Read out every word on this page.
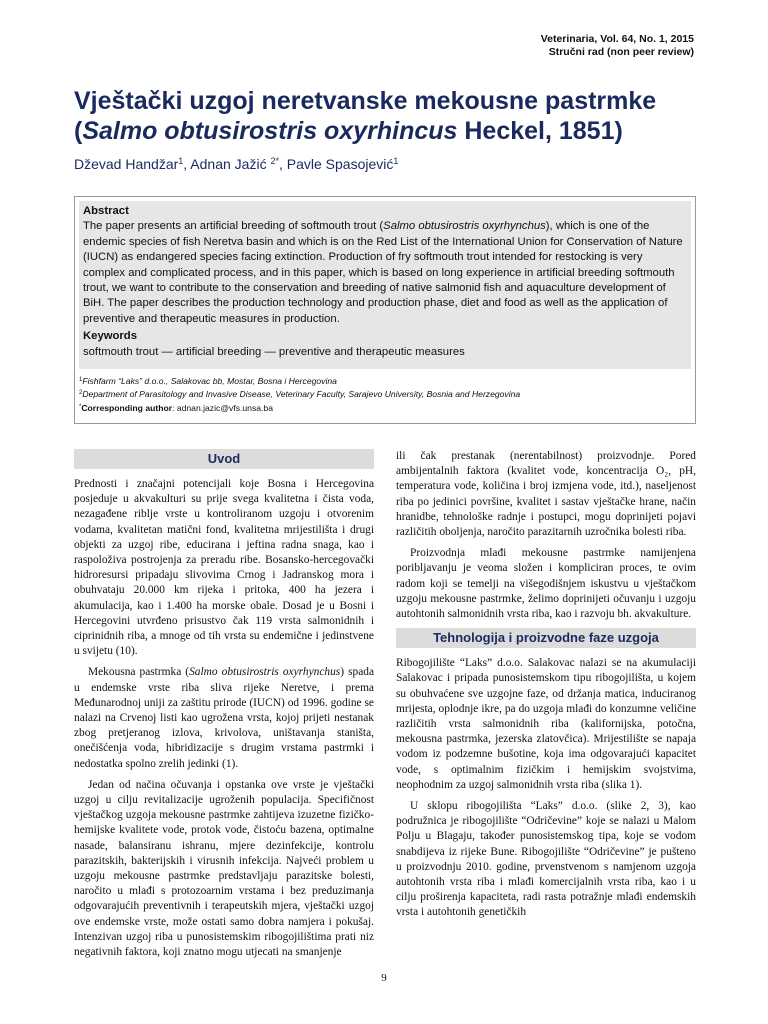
Veterinaria, Vol. 64, No. 1, 2015
Stručni rad (non peer review)
Vještački uzgoj neretvanske mekousne pastrmke
(Salmo obtusirostris oxyrhincus Heckel, 1851)
Dževad Handžar$^1$, Adnan Jažić $^{2*}$, Pavle Spasojević$^1$
Abstract
The paper presents an artificial breeding of softmouth trout (Salmo obtusirostris oxyrhynchus), which is one of the endemic species of fish Neretva basin and which is on the Red List of the International Union for Conservation of Nature (IUCN) as endangered species facing extinction. Production of fry softmouth trout intended for restocking is very complex and complicated process, and in this paper, which is based on long experience in artificial breeding softmouth trout, we want to contribute to the conservation and breeding of native salmonid fish and aquaculture development of BiH. The paper describes the production technology and production phase, diet and food as well as the application of preventive and therapeutic measures in production.
Keywords
softmouth trout — artificial breeding — preventive and therapeutic measures
$^1$Fishfarm “Laks” d.o.o., Salakovac bb, Mostar, Bosna i Hercegovina
$^2$Department of Parasitology and Invasive Disease, Veterinary Faculty, Sarajevo University, Bosnia and Herzegovina
*Corresponding author: adnan.jazic@vfs.unsa.ba
Uvod

Prednosti i značajni potencijali koje Bosna i Hercegovina posjeduje u akvakulturi su prije svega kvalitetna i čista voda, nezagađene riblje vrste u kontroliranom uzgoju i otvorenim vodama, kvalitetan matični fond, kvalitetna mrijestilišta i drugi objekti za uzgoj ribe, educirana i jeftina radna snaga, kao i raspoloživa postrojenja za preradu ribe. Bosansko-hercegovački hidroresursi pripadaju slivovima Crnog i Jadranskog mora i obuhvataju 20.000 km rijeka i pritoka, 400 ha jezera i akumulacija, kao i 1.400 ha morske obale. Dosad je u Bosni i Hercegovini utvrđeno prisustvo čak 119 vrsta salmonidnih i ciprinidnih riba, a mnoge od tih vrsta su endemične i jedinstvene u svijetu (10).

Mekousna pastrmka (Salmo obtusirostris oxyrhynchus) spada u endemske vrste riba sliva rijeke Neretve, i prema Međunarodnoj uniji za zaštitu prirode (IUCN) od 1996. godine se nalazi na Crvenoj listi kao ugrožena vrsta, kojoj prijeti nestanak zbog pretjeranog izlova, krivolova, uništavanja staništa, onečišćenja voda, hibridizacije s drugim vrstama pastrmki i nedostatka spolno zrelih jedinki (1).

Jedan od načina očuvanja i opstanka ove vrste je vještački uzgoj u cilju revitalizacije ugroženih populacija. Specifičnost vještačkog uzgoja mekousne pastrmke zahtijeva izuzetne fizičko-hemijske kvalitete vode, protok vode, čistoću bazena, optimalne nasade, balansiranu ishranu, mjere dezinfekcije, kontrolu parazitskih, bakterijskih i virusnih infekcija. Najveći problem u uzgoju mekousne pastrmke predstavljaju parazitske bolesti, naročito u mlađi s protozoarnim vrstama i bez preduzimanja odgovarajućih preventivnih i terapeutskih mjera, vještački uzgoj ove endemske vrste, može ostati samo dobra namjera i pokušaj. Intenzivan uzgoj riba u punosistemskim ribogojilištima prati niz negativnih faktora, koji znatno mogu utjecati na smanjenje

ili čak prestanak (nerentabilnost) proizvodnje. Pored ambijentalnih faktora (kvalitet vode, koncentracija O₂, pH, temperatura vode, količina i broj izmjena vode, itd.), naseljenost riba po jedinici površine, kvalitet i sastav vještačke hrane, način hranidbe, tehnološke radnje i postupci, mogu doprinijeti pojavi različitih oboljenja, naročito parazitarnih uzročnika bolesti riba.

Proizvodnja mlađi mekousne pastrmke namijenjena poribljavanju je veoma složen i kompliciran proces, te ovim radom koji se temelji na višegodišnjem iskustvu u vještačkom uzgoju mekousne pastrmke, želimo doprinijeti očuvanju i uzgoju autohtonih salmonidnih vrsta riba, kao i razvoju bh. akvakulture.

Tehnologija i proizvodne faze uzgoja

Ribogojilište “Laks” d.o.o. Salakovac nalazi se na akumulaciji Salakovac i pripada punosistemskom tipu ribogojilišta, u kojem su obuhvaćene sve uzgojne faze, od držanja matica, induciranog mrijesta, oplodnje ikre, pa do uzgoja mlađi do konzumne veličine različitih vrsta salmonidnih riba (kalifornijska, potočna, mekousna pastrmka, jezerska zlatovčica). Mrijestilište se napaja vodom iz podzemne bušotine, koja ima odgovarajući kapacitet vode, s optimalnim fizičkim i hemijskim svojstvima, neophodnim za uzgoj salmonidnih vrsta riba (slika 1).

U sklopu ribogojilišta “Laks” d.o.o. (slike 2, 3), kao podružnica je ribogojilište “Odričevine” koje se nalazi u Malom Polju u Blagaju, također punosistemskog tipa, koje se vodom snabdijeva iz rijeke Bune. Ribogojilište “Odričevine” je pušteno u proizvodnju 2010. godine, prvenstvenom s namjenom uzgoja autohtonih vrsta riba i mlađi komercijalnih vrsta riba, kao i u cilju proširenja kapaciteta, radi rasta potražnje mlađi endemskih vrsta i autohtonih genetičkih

9
